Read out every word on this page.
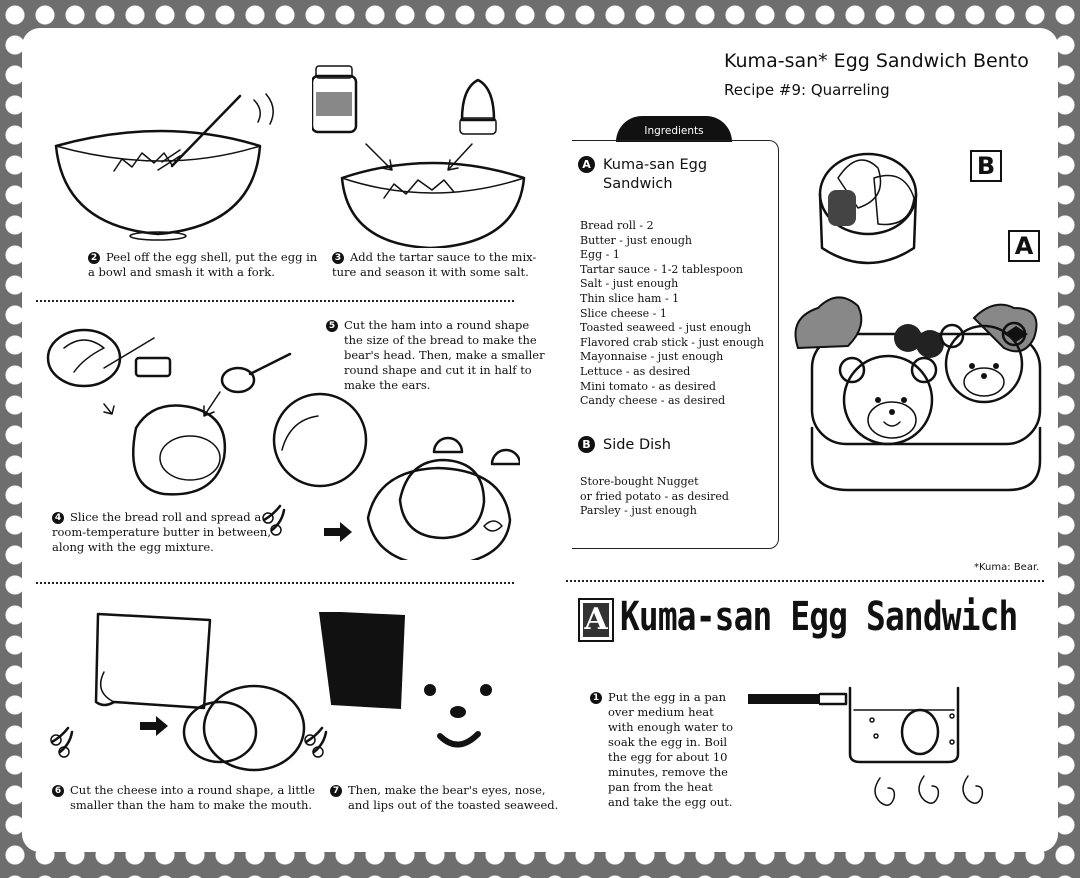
Kuma-san* Egg Sandwich Bento
Recipe #9: Quarreling
2 Peel off the egg shell, put the egg in
a bowl and smash it with a fork.
3 Add the tartar sauce to the mix-
ture and season it with some salt.
4 Slice the bread roll and spread a
room-temperature butter in between,
along with the egg mixture.
5 Cut the ham into a round shape
the size of the bread to make the
bear's head. Then, make a smaller
round shape and cut it in half to
make the ears.
6 Cut the cheese into a round shape, a little
smaller than the ham to make the mouth.
7 Then, make the bear's eyes, nose,
and lips out of the toasted seaweed.
Ingredients
A Kuma-san Egg
Sandwich
Bread roll - 2
Butter - just enough
Egg - 1
Tartar sauce - 1-2 tablespoon
Salt - just enough
Thin slice ham - 1
Slice cheese - 1
Toasted seaweed - just enough
Flavored crab stick - just enough
Mayonnaise - just enough
Lettuce - as desired
Mini tomato - as desired
Candy cheese - as desired
B Side Dish
Store-bought Nugget
or fried potato - as desired
Parsley - just enough
B
A
*Kuma: Bear.
A Kuma-san Egg Sandwich
1 Put the egg in a pan
over medium heat
with enough water to
soak the egg in. Boil
the egg for about 10
minutes, remove the
pan from the heat
and take the egg out.
